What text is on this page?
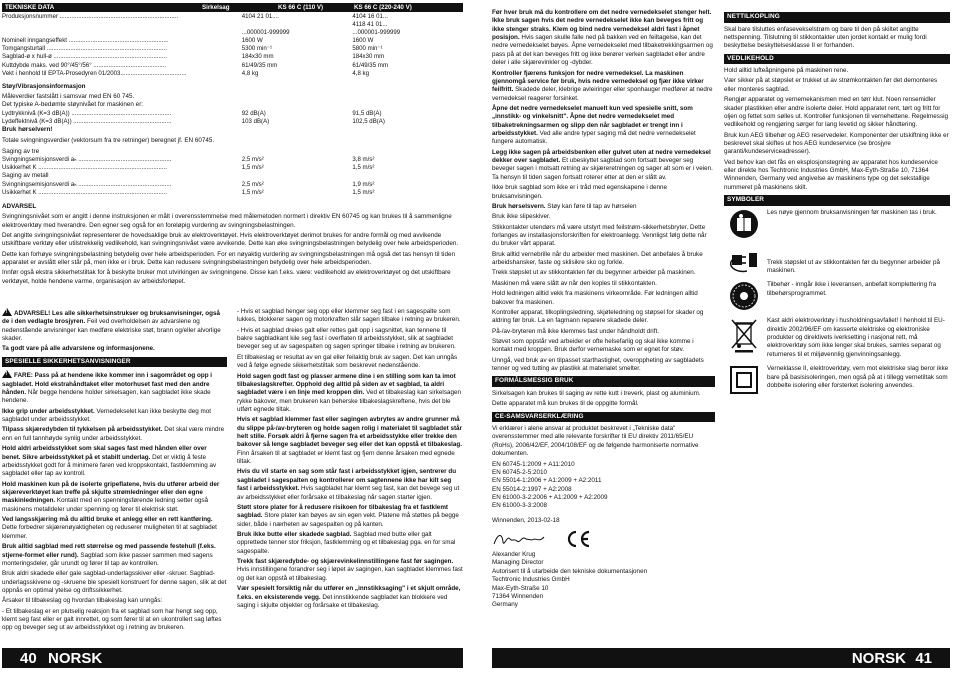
TEKNISKE DATA	Sirkelsag	KS 66 C (110 V)	KS 66 C (220-240 V)
Produksjonsnummer ......................................................................	4104 21 01....	4104 16 01...
		4118 41 01...
	...000001-999999	...000001-999999
Nominell inngangseffekt ...........................................................	1600 W	1600 W
Tomgangsturtall .......................................................................	5300 min⁻¹	5800 min⁻¹
Sagblad-ø x hull-ø ...................................................................	184x30 mm	184x30 mm
Kuttdybde maks. ved 90°/45°/56° ...........................................	61/49/35 mm	61/49/35 mm
Vekt i henhold til EPTA-Prosedyren 01/2003.......................................	4,8 kg	4,8 kg

Støy/Vibrasjonsinformasjon

Måleverdier fastslått i samsvar med EN 60 745.

Det typiske A-bedømte støynivået for maskinen er:

Lydtrykknivå (K=3 dB(A)) ...........................................................	92 dB(A)	91,5 dB(A)
Lydeffektnivå (K=3 dB(A)) ..........................................................	103 dB(A)	102,5 dB(A)

Bruk hørselvern!

Totale svingningsverdier (vektorsum fra tre retninger) beregnet jf. EN 60745.

Saging av tre

Svingningsemisjonsverdi aₕ .......................................................	2,5 m/s²	3,8 m/s²
Usikkerhet K ............................................................................	1,5 m/s²	1,5 m/s²

Saging av metall

Svingningsemisjonsverdi aₕ .......................................................	2,5 m/s²	1,9 m/s²
Usikkerhet K ............................................................................	1,5 m/s²	1,5 m/s²

ADVARSEL

Svingningsnivået som er angitt i denne instruksjonen er målt i overensstemmelse med målemetoden normert i direktiv EN 60745 og kan brukes til å sammenligne elektroverktøy med hverandre. Den egner seg også for en foreløpig vurdering av svingningsbelastningen.

Det angitte svingningsnivået representerer de hovedsaklige bruk av elektroverktøyet. Hvis elektroverktøyet derimot brukes for andre formål og med avvikende utskiftbare verktøy eller utilstrekkelig vedlikehold, kan svingningsnivået være avvikende. Dette kan øke svingningsbelastningen betydelig over hele arbeidsperioden.

Dette kan forhøye svingningsbelastning betydelig over hele arbeidsperioden. For en nøyaktig vurdering av svingningsbelastningen må også det tas hensyn til tiden apparatet er avslått eller står på, men ikke er i bruk. Dette kan redusere svingningsbelastningen betydelig over hele arbeidsperioden.

Innfør også ekstra sikkerhetstiltak for å beskytte bruker mot utvirkingen av svingningene. Disse kan f.eks. være: vedlikehold av elektroverktøyet og det utskiftbare verktøyet, holde hendene varme, organisasjon av arbeidsforløpet.

!ADVARSEL! Les alle sikkerhetsinstrukser og bruksanvisninger, også de i den vedlagte brosjyren. Feil ved overholdelsen av advarslene og nedenstående anvisninger kan medføre elektriske støt, brann og/eller alvorlige skader.

Ta godt vare på alle advarslene og informasjonene.

SPESIELLE SIKKERHETSANVISNINGER

!FARE: Pass på at hendene ikke kommer inn i sagområdet og opp i sagbladet. Hold ekstrahåndtaket eller motorhuset fast med den andre hånden. Når begge hendene holder sirkelsagen, kan sagbladet ikke skade hendene.

Ikke grip under arbeidsstykket. Vernedekselet kan ikke beskytte deg mot sagbladet under arbeidsstykket.

Tilpass skjæredybden til tykkelsen på arbeidsstykket. Det skal være mindre enn en full tannhøyde synlig under arbeidsstykket.

Hold aldri arbeidsstykket som skal sages fast med hånden eller over benet. Sikre arbeidsstykket på et stabilt underlag. Det er viktig å feste arbeidsstykket godt for å minimere faren ved kroppskontakt, fastklemming av sagbladet eller tap av kontroll.

Hold maskinen kun på de isolerte gripeflatene, hvis du utfører arbeid der skjæreverktøyet kan treffe på skjulte strømledninger eller den egne maskinledningen. Kontakt med en spenningsførende ledning setter også maskinens metalldeler under spenning og fører til elektrisk støt.

Ved langsskjæring må du alltid bruke et anlegg eller en rett kantføring. Dette forbedrer skjærenøyaktigheten og reduserer muligheten til at sagbladet klemmer.

Bruk alltid sagblad med rett størrelse og med passende festehull (f.eks. stjerne-formet eller rund). Sagblad som ikke passer sammen med sagens monteringsdeler, går urundt og fører til tap av kontrollen.

Bruk aldri skadede eller gale sagblad-underlagsskiver eller -skruer. Sagblad-underlagsskivene og -skruene ble spesielt konstruert for denne sagen, slik at det oppnås en optimal ytelse og driftssikkerhet.

Årsaker til tilbakeslag og hvordan tilbakeslag kan unngås:

- Et tilbakeslag er en plutselig reaksjon fra et sagblad som har hengt seg opp, klemt seg fast eller er galt innrettet, og som fører til at en ukontrollert sag løftes opp og beveger seg ut av arbeidsstykket og i retning av brukeren.

- Hvis et sagblad henger seg opp eller klemmer seg fast i en sagespalte som lukkes, blokkerer sagen og motorkraften slår sagen tilbake i retning av brukeren.

- Hvis et sagblad dreies galt eller rettes galt opp i sagsnittet, kan tennene til bakre sagbladkant kile seg fast i overflaten til arbeidsstykket, slik at sagbladet beveger seg ut av sagespalten og sagen springer tilbake i retning av brukeren.

Et tilbakeslag er resultat av en gal eller feilaktig bruk av sagen. Det kan unngås ved å følge egnede sikkerhetstiltak som beskrevet nedenstående.

Hold sagen godt fast og plasser armene dine i en stilling som kan ta imot tilbakeslagskrefter. Opphold deg alltid på siden av et sagblad, ta aldri sagbladet være i en linje med kroppen din. Ved et tilbakeslag kan sirkelsagen rykke bakover, men brukeren kan beherske tilbakeslagskreftene, hvis det ble utført egnede tiltak.

Hvis et sagblad klemmer fast eller sagingen avbrytes av andre grunner må du slippe på-/av-bryteren og holde sagen rolig i materialet til sagbladet står helt stille. Forsøk aldri å fjerne sagen fra et arbeidsstykke eller trekke den bakover så lenge sagbladet beveger seg eller det kan oppstå et tilbakeslag. Finn årsaken til at sagbladet er klemt fast og fjern denne årsaken med egnede tiltak.

Hvis du vil starte en sag som står fast i arbeidsstykket igjen, sentrerer du sagbladet i sagespalten og kontrollerer om sagtennene ikke har kilt seg fast i arbeidsstykket. Hvis sagbladet har klemt seg fast, kan det bevege seg ut av arbeidsstykket eller forårsake et tilbakeslag når sagen starter igjen.

Støtt store plater for å redusere risikoen for tilbakeslag fra et fastklemt sagblad. Store plater kan bøyes av sin egen vekt. Platene må støttes på begge sider, både i nærheten av sagespalten og på kanten.

Bruk ikke butte eller skadede sagblad. Sagblad med butte eller galt opprettede tenner stor friksjon, fastklemming og et tilbakeslag pga. en for smal sagespalte.

Trekk fast skjæredybde- og skjærevinkelinnstillingene fast før sagingen. Hvis innstillingene forandrer seg i løpet av sagingen, kan sagbladet klemmes fast og det kan oppstå et tilbakeslag.

Vær spesielt forsiktig når du utfører en „innstikksaging" i et skjult område, f.eks. en eksisterende vegg. Det innstikkende sagbladet kan blokkere ved saging i skjulte objekter og forårsake et tilbakeslag.

40 NORSK

Før hver bruk må du kontrollere om det nedre vernedekselet stenger helt. Ikke bruk sagen hvis det nedre vernedekselet ikke kan beveges fritt og ikke stenger straks. Klem og bind nedre vernedeksel aldri fast i åpnet posisjon. Hvis sagen skulle falle ned på bakken ved en feiltagelse, kan det nedre vernedekselet bøyes. Åpne vernedekselet med tilbaketrekkingsarmen og pass på at det kan beveges fritt og ikke berører verken sagbladet eller andre deler i alle skjærevinkler og -dybder.

Kontroller fjærens funksjon for nedre vernedeksel. La maskinen gjennomgå service før bruk, hvis nedre vernedeksel og fjær ikke virker feilfritt. Skadede deler, klebrige avleiringer eller sponhauger medfører at nedre vernedeksel reagerer forsinket.

Åpne det nedre vernedekselet manuelt kun ved spesielle snitt, som „innstikk- og vinkelsnitt". Åpne det nedre vernedekselet med tilbaketrekningsarmen og slipp den når sagbladet er trengt inn i arbeidsstykket. Ved alle andre typer saging må det nedre vernedekselet fungere automatisk.

Legg ikke sagen på arbeidsbenken eller gulvet uten at nedre vernedeksel dekker over sagbladet. Et ubeskyttet sagblad som fortsatt beveger seg beveger sagen i motsatt retning av skjæreretningen og sager alt som er i veien. Ta hensyn til tiden sagen fortsatt roterer etter at den er slått av.

Ikke bruk sagblad som ikke er i tråd med egenskapene i denne bruksanvisningen.

Bruk hørselsvern. Støy kan føre til tap av hørselen

Bruk ikke slipeskiver.

Stikkontakter utendørs må være utstyrt med feilstrøm-sikkerhetsbryter. Dette forlanges av installasjonsforskriften for elektroanlegg. Vennligst følg dette når du bruker vårt apparat.

Bruk alltid vernebrille når du arbeider med maskinen. Det anbefales å bruke arbeidshansker, faste og sklisikre sko og forkle.

Trekk støpslet ut av stikkontakten før du begynner arbeider på maskinen.

Maskinen må være slått av når den koples til stikkontakten.

Hold ledningen alltid vekk fra maskinens virkeområde. Før ledningen alltid bakover fra maskinen.

Kontroller apparat, tilkoplingsledning, skjøteledning og støpsel for skader og aldring før bruk. La en fagmann reparere skadede deler.

På-/av-bryteren må ikke klemmes fast under håndholdt drift.

Støvet som oppstår ved arbeider er ofte helsefarlig og skal ikke komme i kontakt med kroppen. Bruk derfor vernemaske som er egnet for støv.

Unngå, ved bruk av en tilpasset starthastighet, overoppheting av sagbladets tenner og ved tutting av plastikk at materialet smelter.

FORMÅLSMESSIG BRUK

Sirkelsagen kan brukes til saging av rette kutt i treverk, plast og aluminium.

Dette apparatet må kun brukes til de oppgitte formål.

CE-SAMSVARSERKLÆRING

Vi erklærer i alene ansvar at produktet beskrevet i „Tekniske data" overensstemmer med alle relevante forskrifter til EU direktiv 2011/65/EU (RoHs), 2006/42/EF, 2004/108/EF og de følgende harmoniserte normative dokumenten.

EN 60745-1:2009 + A11:2010
EN 60745-2-5:2010
EN 55014-1:2006 + A1:2009 + A2:2011
EN 55014-2:1997 + A2:2008
EN 61000-3-2:2006 + A1:2009 + A2:2009
EN 61000-3-3:2008

Winnenden, 2013-02-18

Alexander Krug

Managing Director

Autorisert til å utarbeide den tekniske dokumentasjonen

Techtronic Industries GmbH

Max-Eyth-Straße 10

71364 Winnenden

Germany

NETTILKOPLING

Skal bare tilsluttes enfasevekselstrøm og bare til den på skiltet angitte nettspenning. Tilslutning til stikkontakter uten jordet kontakt er mulig fordi beskyttelse beskyttelsesklasse II er forhanden.

VEDLIKEHOLD

Hold alltid lufteåpningene på maskinen rene.

Vær sikker på at støpslet er trukket ut av strømkontakten før det demonteres eller monteres sagblad.

Rengjør apparatet og vernemekanismen med en tørr klut. Noen rensemidler skader plastikken eller andre isolerte deler. Hold apparatet rent, tørt og fritt for oljen og fettet som sølles ut. Kontroller funksjonen til vernehettene. Regelmessig vedlikehold og rengjøring sørger for lang levetid og sikker håndtering.

Bruk kun AEG tilbehør og AEG reservedeler. Komponenter der utskiftning ikke er beskrevet skal skiftes ut hos AEG kundeservice (se brosjyre garanti/kundeserviceadresser).

Ved behov kan det fås en eksplosjonstegning av apparatet hos kundeservice eller direkte hos Techtronic Industries GmbH, Max-Eyth-Straße 10, 71364 Winnenden, Germany ved angivelse av maskinens type og det sekstallige nummeret på maskinens skilt.

SYMBOLER
Les nøye gjennom bruksanvisningen før maskinen tas i bruk.
Trekk støpslet ut av stikkontakten før du begynner arbeider på maskinen.
Tilbehør - inngår ikke i leveransen, anbefalt komplettering fra tilbehørsprogrammet.
Kast aldri elektroverktøy i husholdningsavfallet! I henhold til EU-direktiv 2002/96/EF om kasserte elektriske og elektroniske produkter og direktivets iverksetting i nasjonal rett, må elektroverktøy som ikke lenger skal brukes, samles separat og returneres til et miljøvennlig gjenvinningsanlegg.
Verneklasse II, elektroverktøy, vern mot elektriske slag beror ikke bare på basisisoleringen, men også på at i tillegg vernetiltak som dobbelte isolering eller forsterket isolering anvendes.
NORSK 41
